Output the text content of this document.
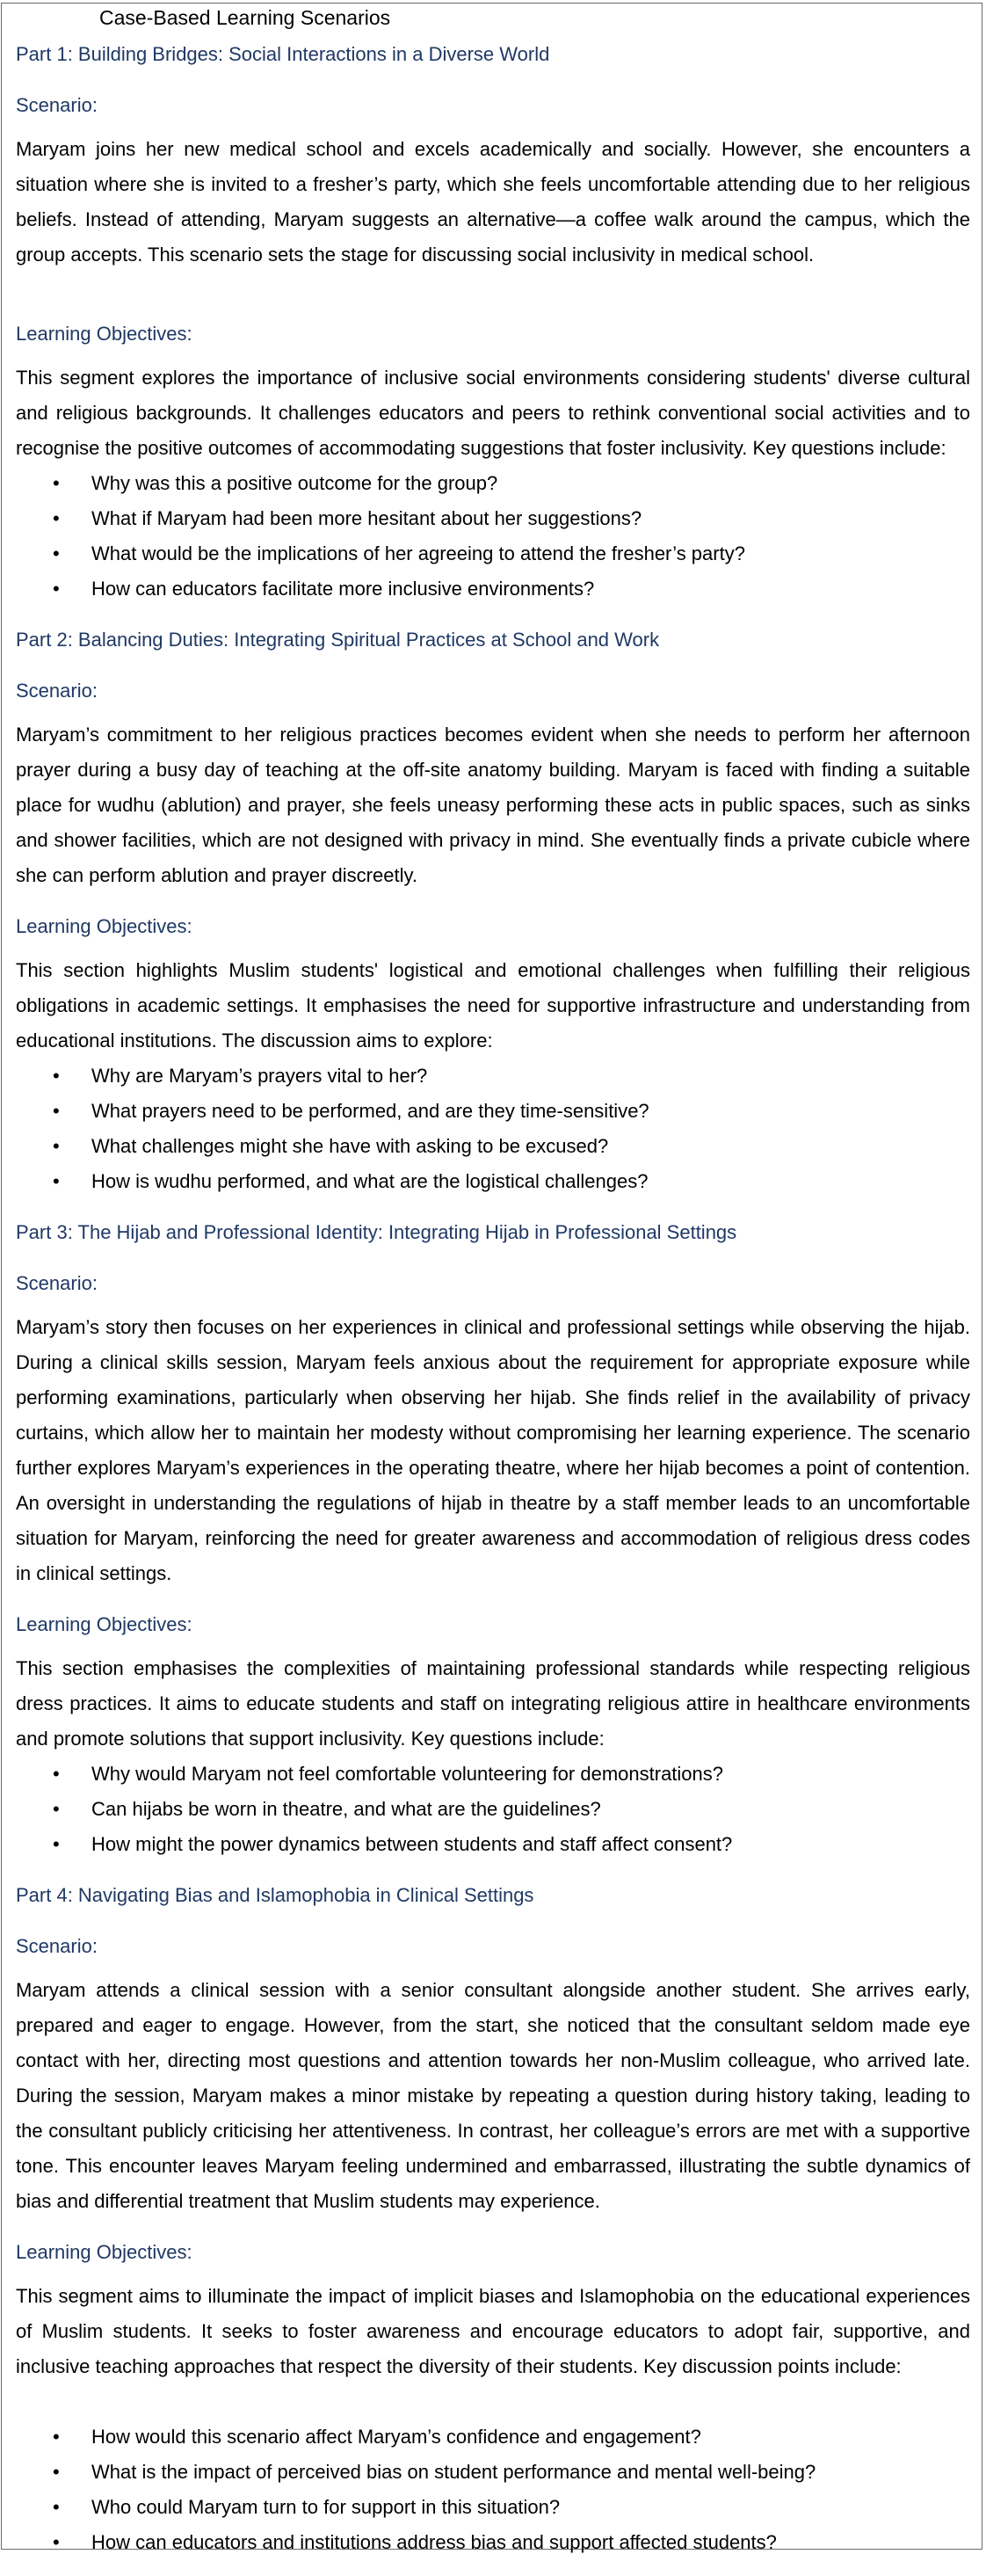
Case-Based Learning Scenarios
Part 1: Building Bridges: Social Interactions in a Diverse World
Scenario:

Maryam joins her new medical school and excels academically and socially. However, she encounters a situation where she is invited to a fresher’s party, which she feels uncomfortable attending due to her religious beliefs. Instead of attending, Maryam suggests an alternative—a coffee walk around the campus, which the group accepts. This scenario sets the stage for discussing social inclusivity in medical school.

Learning Objectives:

This segment explores the importance of inclusive social environments considering students' diverse cultural and religious backgrounds. It challenges educators and peers to rethink conventional social activities and to recognise the positive outcomes of accommodating suggestions that foster inclusivity. Key questions include:

• Why was this a positive outcome for the group?
• What if Maryam had been more hesitant about her suggestions?
• What would be the implications of her agreeing to attend the fresher’s party?
• How can educators facilitate more inclusive environments?
Part 2: Balancing Duties: Integrating Spiritual Practices at School and Work
Scenario:

Maryam’s commitment to her religious practices becomes evident when she needs to perform her afternoon prayer during a busy day of teaching at the off-site anatomy building. Maryam is faced with finding a suitable place for wudhu (ablution) and prayer, she feels uneasy performing these acts in public spaces, such as sinks and shower facilities, which are not designed with privacy in mind. She eventually finds a private cubicle where she can perform ablution and prayer discreetly.

Learning Objectives:

This section highlights Muslim students' logistical and emotional challenges when fulfilling their religious obligations in academic settings. It emphasises the need for supportive infrastructure and understanding from educational institutions. The discussion aims to explore:

• Why are Maryam’s prayers vital to her?
• What prayers need to be performed, and are they time-sensitive?
• What challenges might she have with asking to be excused?
• How is wudhu performed, and what are the logistical challenges?
Part 3: The Hijab and Professional Identity: Integrating Hijab in Professional Settings
Scenario:

Maryam’s story then focuses on her experiences in clinical and professional settings while observing the hijab. During a clinical skills session, Maryam feels anxious about the requirement for appropriate exposure while performing examinations, particularly when observing her hijab. She finds relief in the availability of privacy curtains, which allow her to maintain her modesty without compromising her learning experience. The scenario further explores Maryam’s experiences in the operating theatre, where her hijab becomes a point of contention. An oversight in understanding the regulations of hijab in theatre by a staff member leads to an uncomfortable situation for Maryam, reinforcing the need for greater awareness and accommodation of religious dress codes in clinical settings.

Learning Objectives:

This section emphasises the complexities of maintaining professional standards while respecting religious dress practices. It aims to educate students and staff on integrating religious attire in healthcare environments and promote solutions that support inclusivity. Key questions include:

• Why would Maryam not feel comfortable volunteering for demonstrations?
• Can hijabs be worn in theatre, and what are the guidelines?
• How might the power dynamics between students and staff affect consent?
Part 4: Navigating Bias and Islamophobia in Clinical Settings
Scenario:

Maryam attends a clinical session with a senior consultant alongside another student. She arrives early, prepared and eager to engage. However, from the start, she noticed that the consultant seldom made eye contact with her, directing most questions and attention towards her non-Muslim colleague, who arrived late. During the session, Maryam makes a minor mistake by repeating a question during history taking, leading to the consultant publicly criticising her attentiveness. In contrast, her colleague’s errors are met with a supportive tone. This encounter leaves Maryam feeling undermined and embarrassed, illustrating the subtle dynamics of bias and differential treatment that Muslim students may experience.

Learning Objectives:

This segment aims to illuminate the impact of implicit biases and Islamophobia on the educational experiences of Muslim students. It seeks to foster awareness and encourage educators to adopt fair, supportive, and inclusive teaching approaches that respect the diversity of their students. Key discussion points include:

• How would this scenario affect Maryam’s confidence and engagement?
• What is the impact of perceived bias on student performance and mental well-being?
• Who could Maryam turn to for support in this situation?
• How can educators and institutions address bias and support affected students?
